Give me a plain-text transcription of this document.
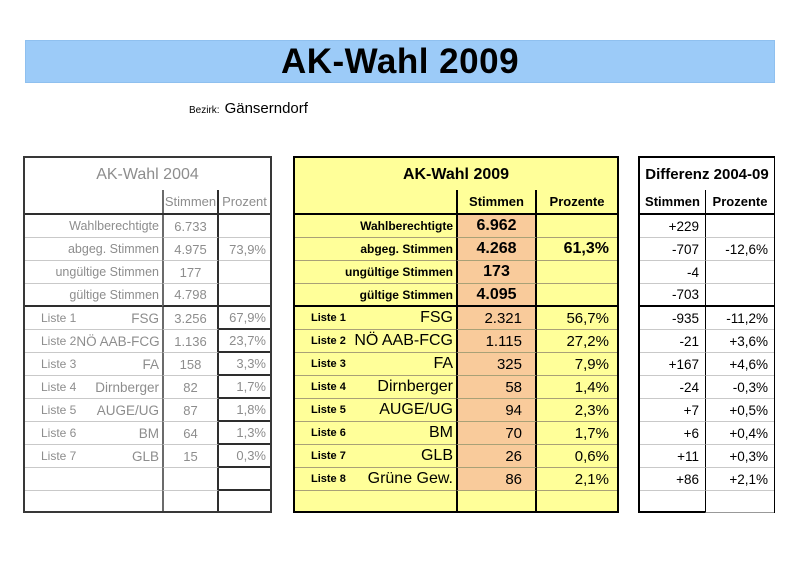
AK-Wahl 2009
Bezirk: Gänserndorf
AK-Wahl 2004
Stimmen Prozent
Wahlberechtigte	6.733
abgeg. Stimmen	4.975	73,9%
ungültige Stimmen	177
gültige Stimmen	4.798
Liste 1	FSG	3.256	67,9%
Liste 2 NÖ AAB-FCG	1.136	23,7%
Liste 3	FA	158	3,3%
Liste 4 Dirnberger	82	1,7%
Liste 5 AUGE/UG	87	1,8%
Liste 6	BM	64	1,3%
Liste 7	GLB	15	0,3%
AK-Wahl 2009
Stimmen	Prozente
Wahlberechtigte	6.962
abgeg. Stimmen	4.268	61,3%
ungültige Stimmen	173
gültige Stimmen	4.095
Liste 1	FSG	2.321	56,7%
Liste 2 NÖ AAB-FCG	1.115	27,2%
Liste 3	FA	325	7,9%
Liste 4 Dirnberger	58	1,4%
Liste 5 AUGE/UG	94	2,3%
Liste 6	BM	70	1,7%
Liste 7	GLB	26	0,6%
Liste 8 Grüne Gew.	86	2,1%
Differenz 2004-09
Stimmen Prozente
+229
-707	-12,6%
-4
-703
-935	-11,2%
-21	+3,6%
+167	+4,6%
-24	-0,3%
+7	+0,5%
+6	+0,4%
+11	+0,3%
+86	+2,1%
